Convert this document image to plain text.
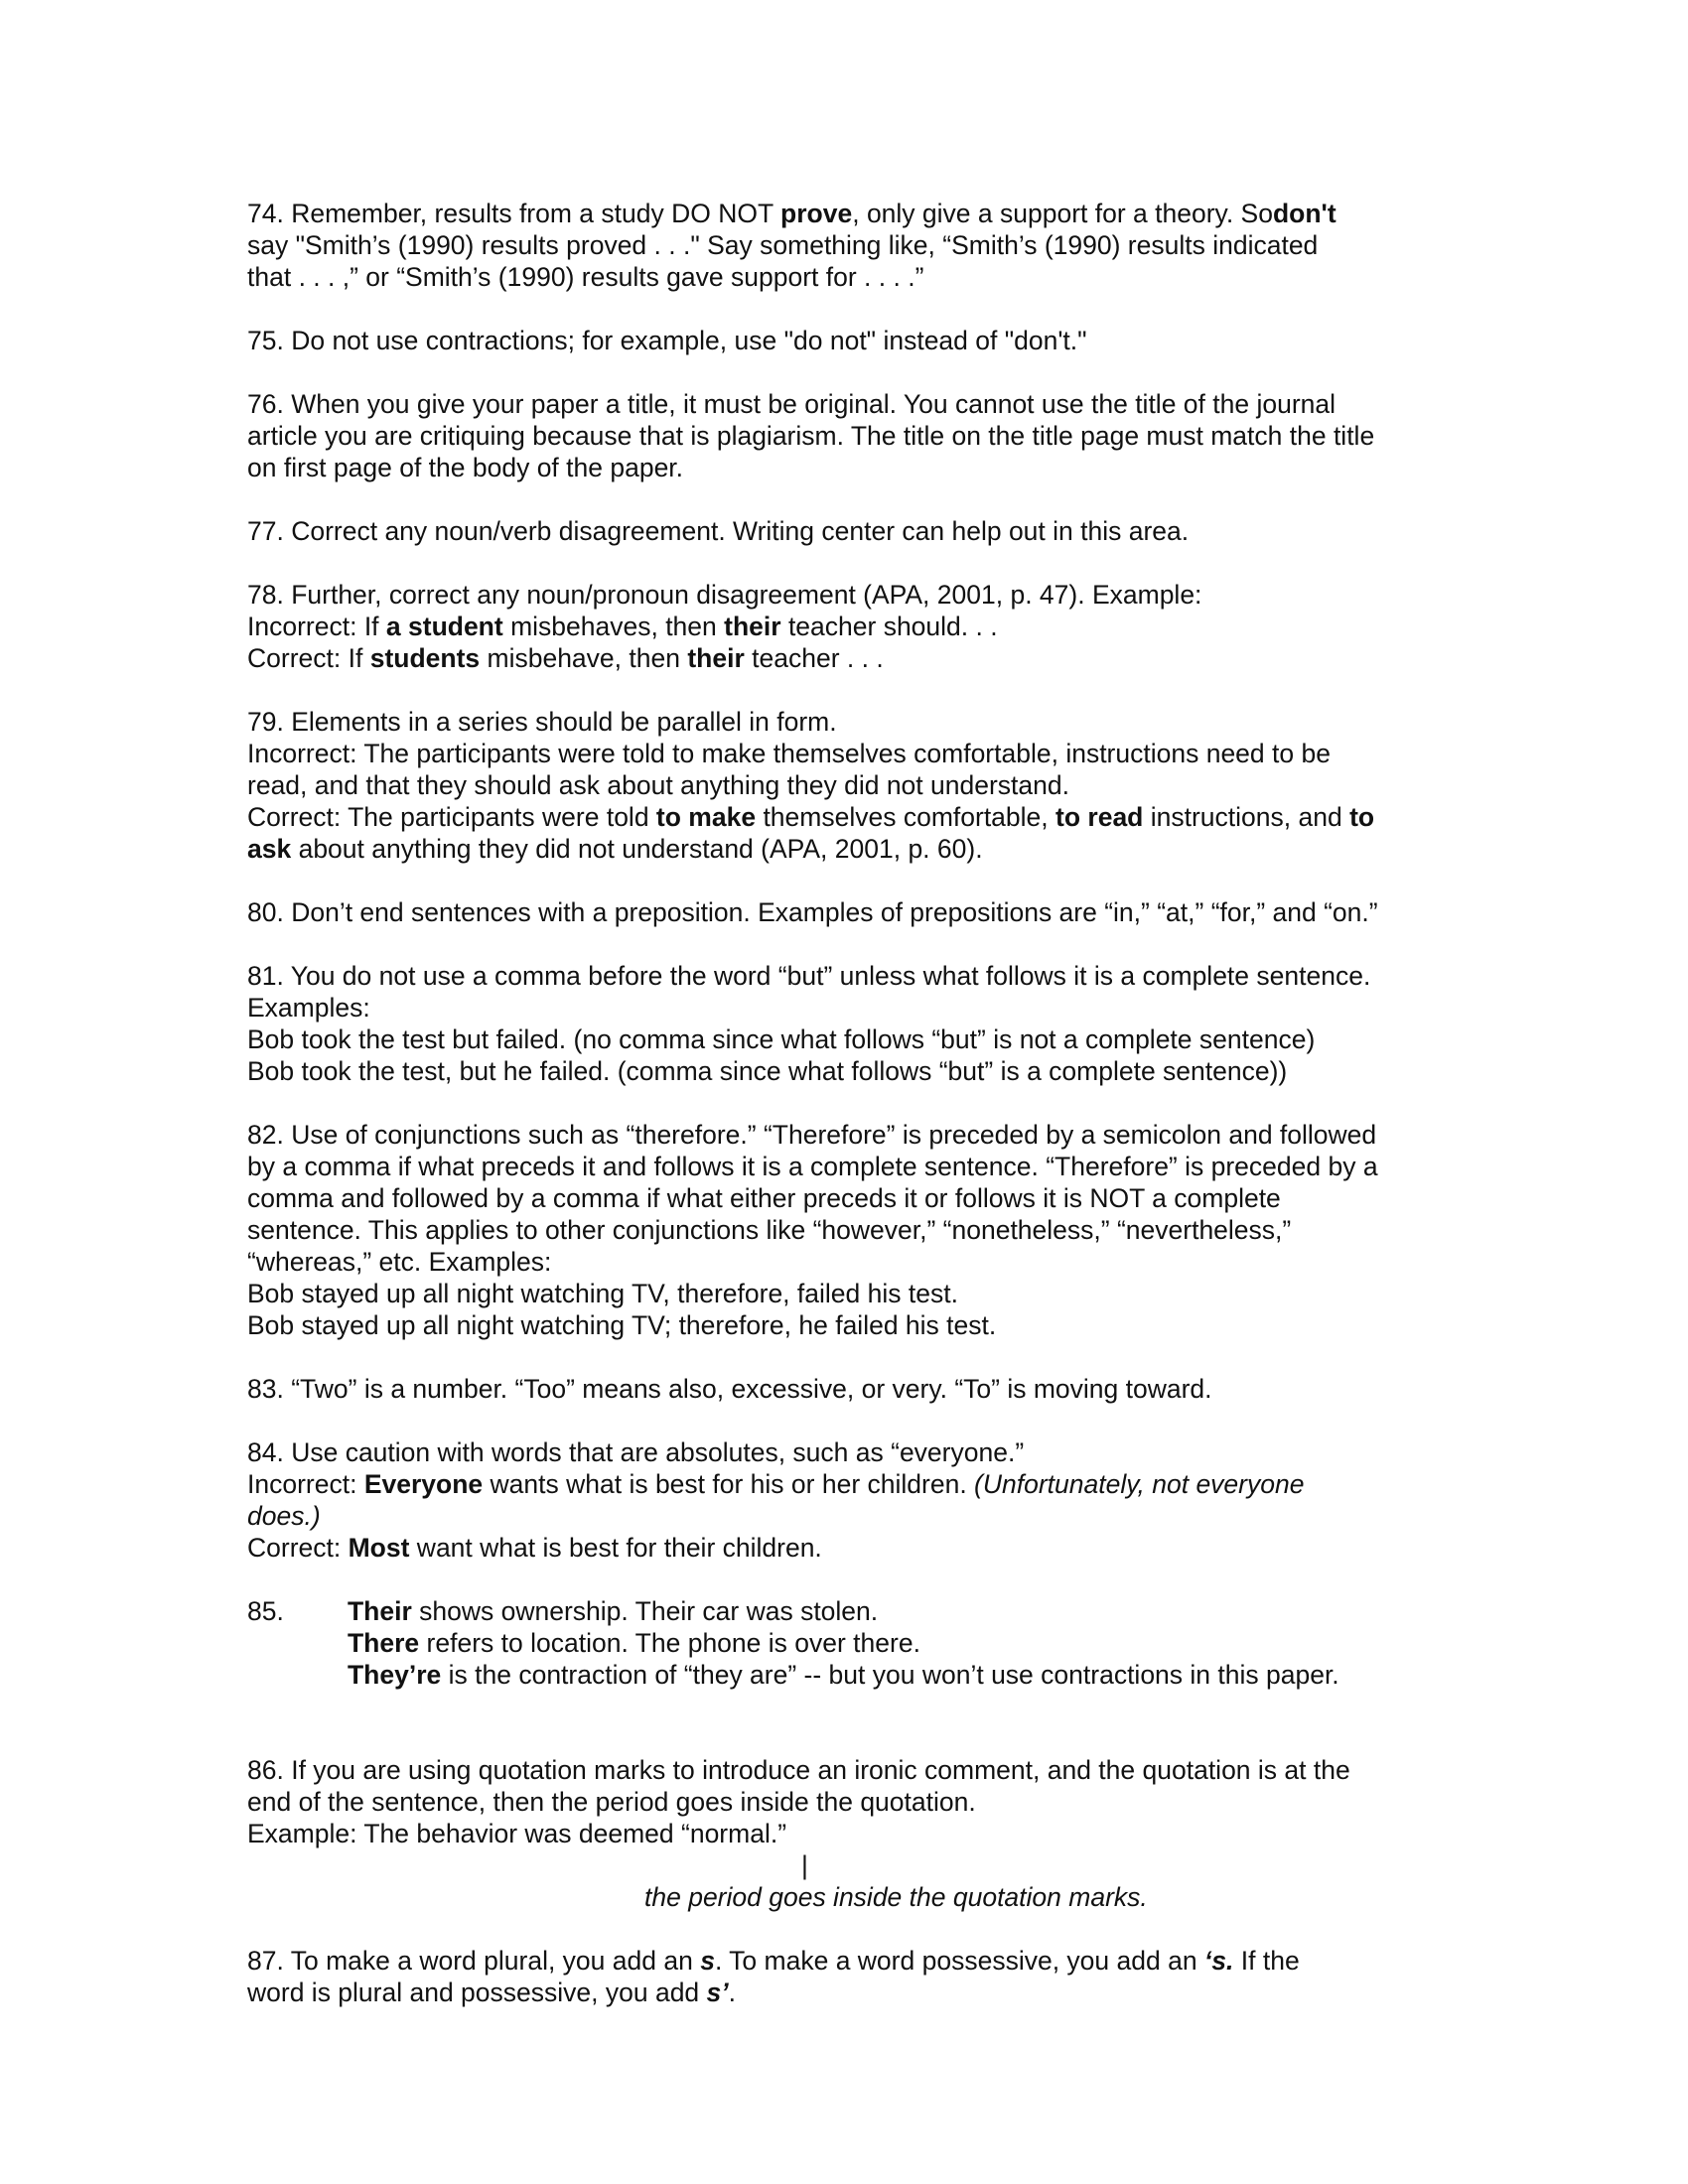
74. Remember, results from a study DO NOT prove, only give a support for a theory. Sodon't
say "Smith’s (1990) results proved . . ." Say something like, “Smith’s (1990) results indicated
that . . . ,” or “Smith’s (1990) results gave support for . . . .”
75. Do not use contractions; for example, use "do not" instead of "don't."
76. When you give your paper a title, it must be original. You cannot use the title of the journal
article you are critiquing because that is plagiarism. The title on the title page must match the title
on first page of the body of the paper.
77. Correct any noun/verb disagreement. Writing center can help out in this area.
78. Further, correct any noun/pronoun disagreement (APA, 2001, p. 47). Example:
Incorrect: If a student misbehaves, then their teacher should. . .
Correct: If students misbehave, then their teacher . . .
79. Elements in a series should be parallel in form.
Incorrect: The participants were told to make themselves comfortable, instructions need to be
read, and that they should ask about anything they did not understand.
Correct: The participants were told to make themselves comfortable, to read instructions, and to
ask about anything they did not understand (APA, 2001, p. 60).
80. Don’t end sentences with a preposition. Examples of prepositions are “in,” “at,” “for,” and “on.”
81. You do not use a comma before the word “but” unless what follows it is a complete sentence.
Examples:
Bob took the test but failed. (no comma since what follows “but” is not a complete sentence)
Bob took the test, but he failed. (comma since what follows “but” is a complete sentence))
82. Use of conjunctions such as “therefore.” “Therefore” is preceded by a semicolon and followed
by a comma if what preceds it and follows it is a complete sentence. “Therefore” is preceded by a
comma and followed by a comma if what either preceds it or follows it is NOT a complete
sentence. This applies to other conjunctions like “however,” “nonetheless,” “nevertheless,”
“whereas,” etc. Examples:
Bob stayed up all night watching TV, therefore, failed his test.
Bob stayed up all night watching TV; therefore, he failed his test.
83. “Two” is a number. “Too” means also, excessive, or very. “To” is moving toward.
84. Use caution with words that are absolutes, such as “everyone.”
Incorrect: Everyone wants what is best for his or her children. (Unfortunately, not everyone
does.)
Correct: Most want what is best for their children.
85. Their shows ownership. Their car was stolen.
There refers to location. The phone is over there.
They’re is the contraction of “they are” -- but you won’t use contractions in this paper.
86. If you are using quotation marks to introduce an ironic comment, and the quotation is at the
end of the sentence, then the period goes inside the quotation.
Example: The behavior was deemed “normal.”
|
the period goes inside the quotation marks.
87. To make a word plural, you add an s. To make a word possessive, you add an ‘s. If the
word is plural and possessive, you add s’.
